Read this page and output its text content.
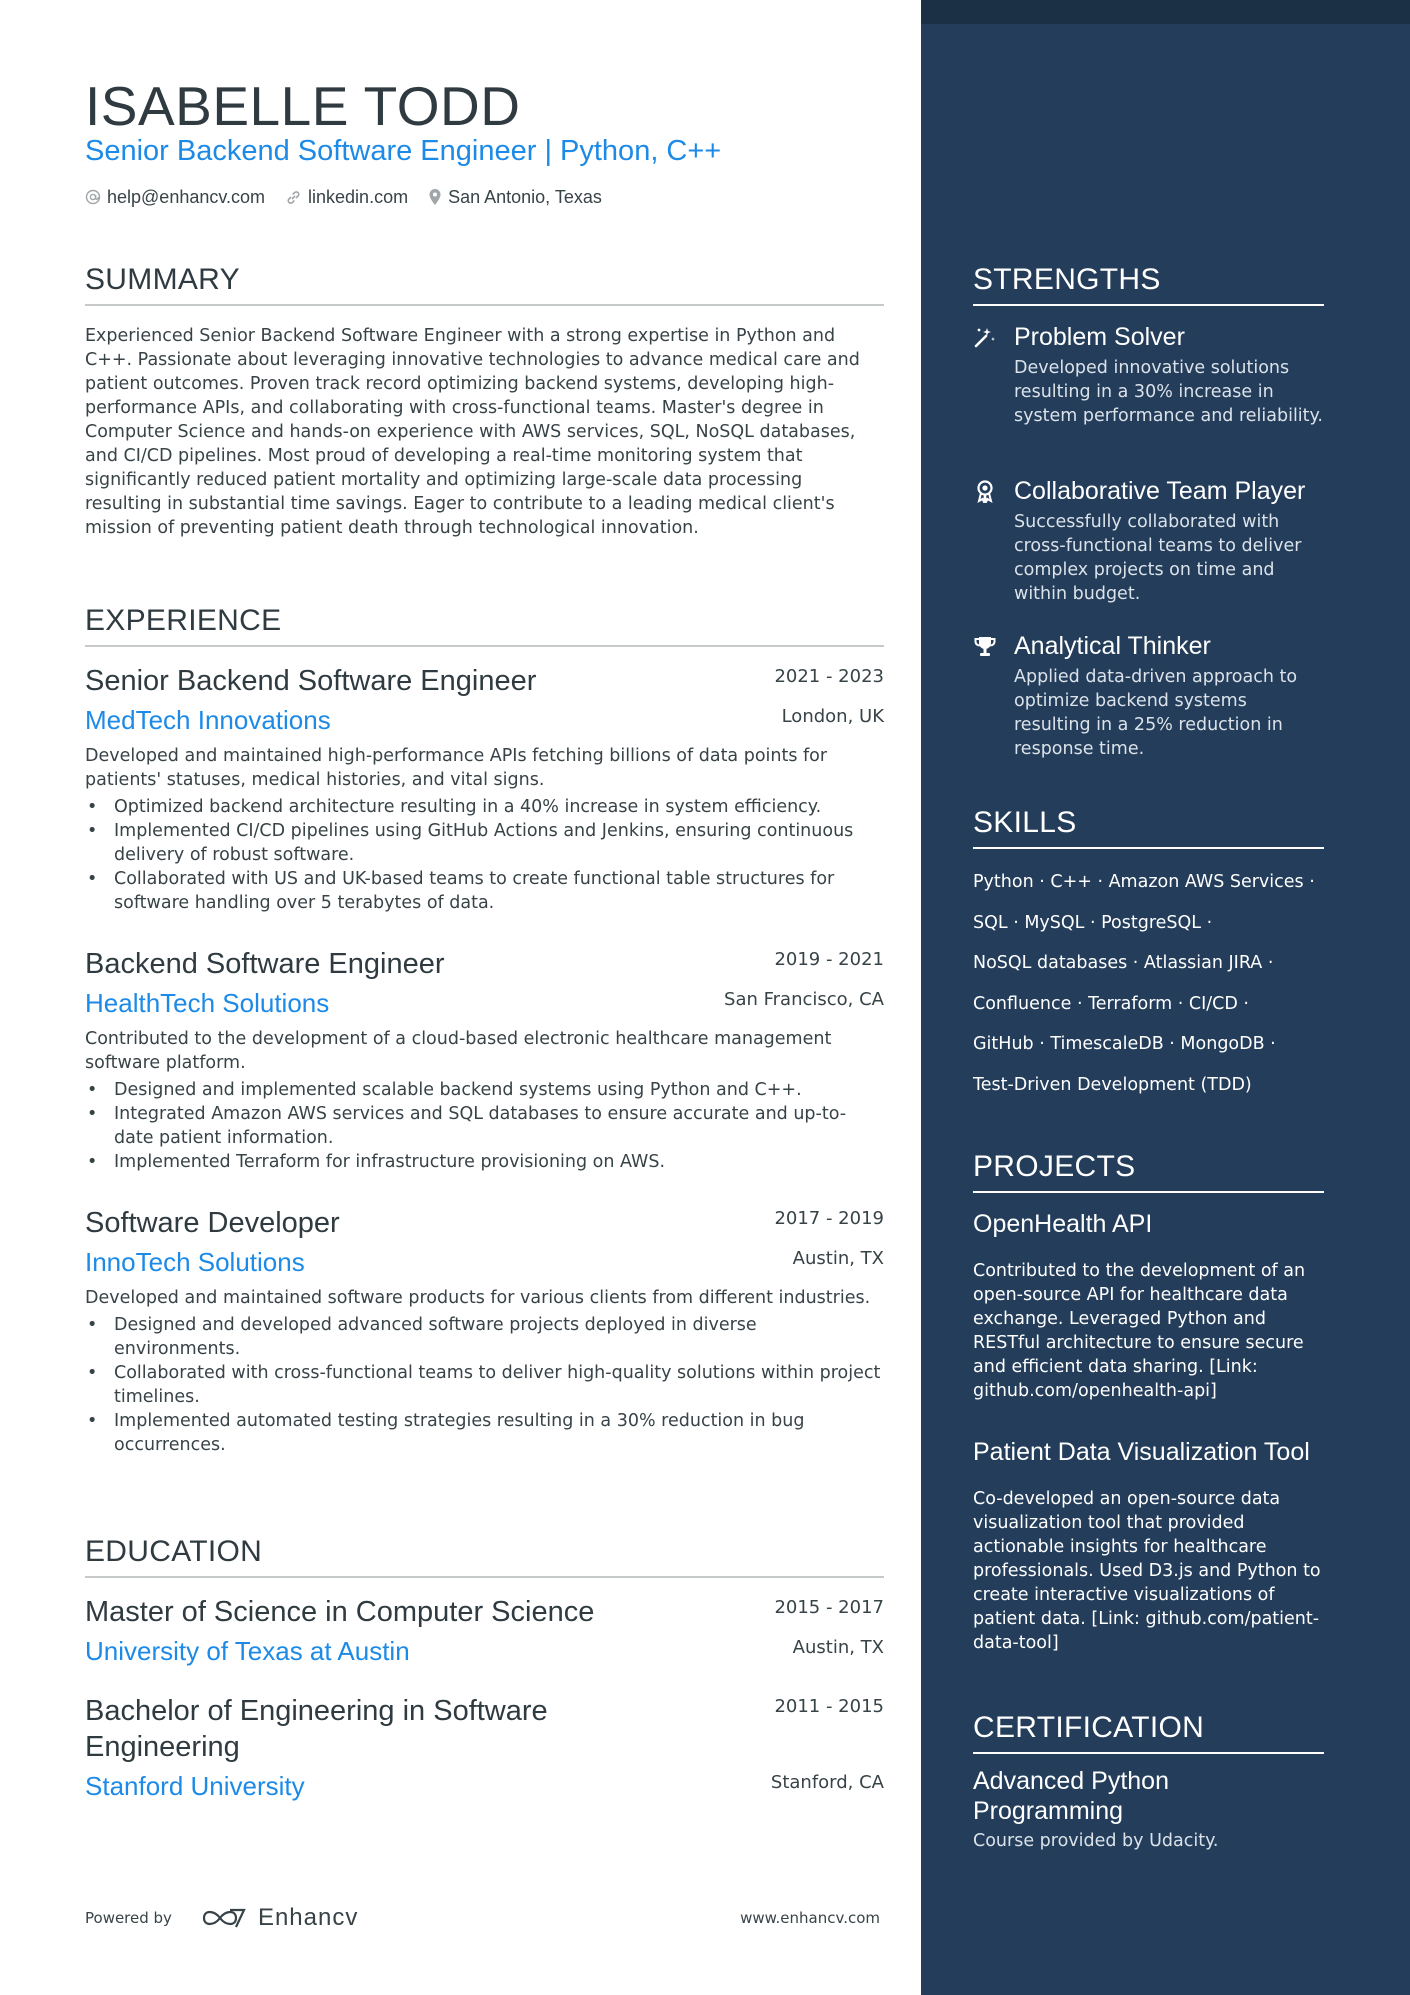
ISABELLE TODD
Senior Backend Software Engineer | Python, C++
help@enhancv.com linkedin.com San Antonio, Texas
SUMMARY
Experienced Senior Backend Software Engineer with a strong expertise in Python and C++. Passionate about leveraging innovative technologies to advance medical care and patient outcomes. Proven track record optimizing backend systems, developing high-performance APIs, and collaborating with cross-functional teams. Master's degree in Computer Science and hands-on experience with AWS services, SQL, NoSQL databases, and CI/CD pipelines. Most proud of developing a real-time monitoring system that significantly reduced patient mortality and optimizing large-scale data processing resulting in substantial time savings. Eager to contribute to a leading medical client's mission of preventing patient death through technological innovation.
EXPERIENCE
Senior Backend Software Engineer	2021 - 2023
MedTech Innovations	London, UK
Developed and maintained high-performance APIs fetching billions of data points for patients' statuses, medical histories, and vital signs.
• Optimized backend architecture resulting in a 40% increase in system efficiency.
• Implemented CI/CD pipelines using GitHub Actions and Jenkins, ensuring continuous delivery of robust software.
• Collaborated with US and UK-based teams to create functional table structures for software handling over 5 terabytes of data.
Backend Software Engineer	2019 - 2021
HealthTech Solutions	San Francisco, CA
Contributed to the development of a cloud-based electronic healthcare management software platform.
• Designed and implemented scalable backend systems using Python and C++.
• Integrated Amazon AWS services and SQL databases to ensure accurate and up-to-date patient information.
• Implemented Terraform for infrastructure provisioning on AWS.
Software Developer	2017 - 2019
InnoTech Solutions	Austin, TX
Developed and maintained software products for various clients from different industries.
• Designed and developed advanced software projects deployed in diverse environments.
• Collaborated with cross-functional teams to deliver high-quality solutions within project timelines.
• Implemented automated testing strategies resulting in a 30% reduction in bug occurrences.
EDUCATION
Master of Science in Computer Science	2015 - 2017
University of Texas at Austin	Austin, TX
Bachelor of Engineering in Software Engineering
2011 - 2015
Stanford University	Stanford, CA
Powered by	Enhancv	www.enhancv.com
STRENGTHS
Problem Solver
Developed innovative solutions resulting in a 30% increase in system performance and reliability.
Collaborative Team Player
Successfully collaborated with cross-functional teams to deliver complex projects on time and within budget.
Analytical Thinker
Applied data-driven approach to optimize backend systems resulting in a 25% reduction in response time.
SKILLS
Python · C++ · Amazon AWS Services ·
SQL · MySQL · PostgreSQL ·
NoSQL databases · Atlassian JIRA ·
Confluence · Terraform · CI/CD ·
GitHub · TimescaleDB · MongoDB ·
Test-Driven Development (TDD)
PROJECTS
OpenHealth API
Contributed to the development of an open-source API for healthcare data exchange. Leveraged Python and RESTful architecture to ensure secure and efficient data sharing. [Link: github.com/openhealth-api]
Patient Data Visualization Tool
Co-developed an open-source data visualization tool that provided actionable insights for healthcare professionals. Used D3.js and Python to create interactive visualizations of patient data. [Link: github.com/patient-data-tool]
CERTIFICATION
Advanced Python Programming
Course provided by Udacity.
